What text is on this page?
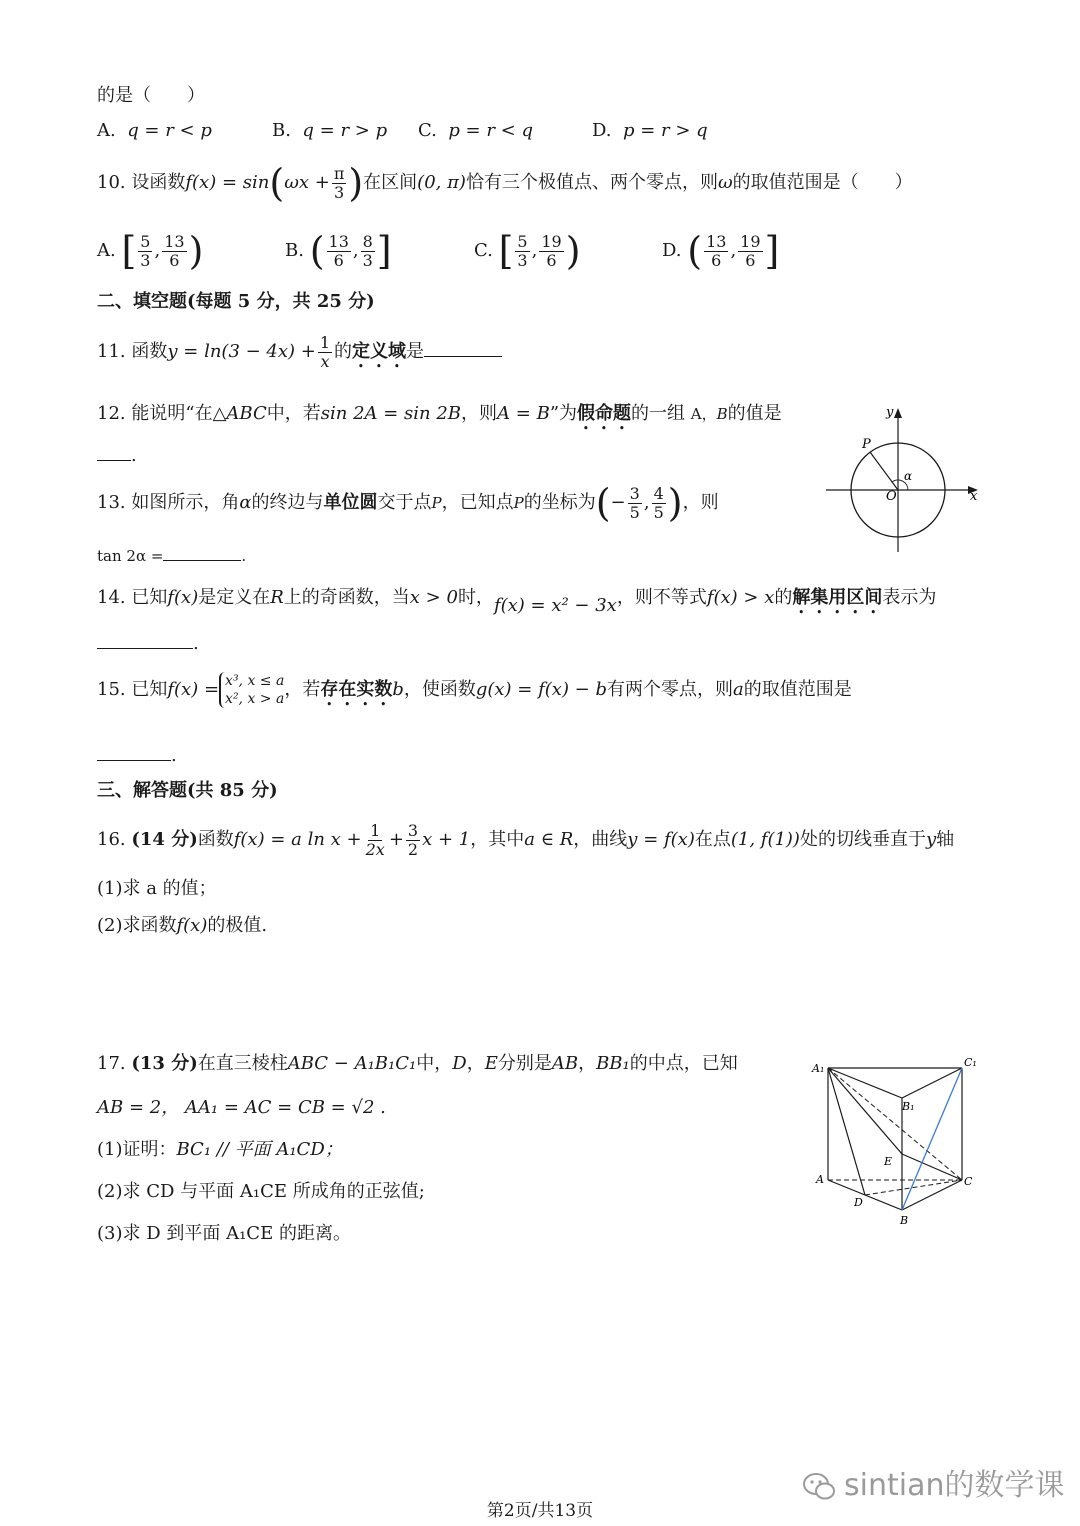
的是（　　）
A. q = r < p	B. q = r > p C. p = r < q	D. p = r > q
10. 设函数$f(x) = \sin(\omega x + \frac{\pi}{3}$ )在区间(0, π)恰有三个极值点、两个零点，则ω的取值范围是（　　）
A. [ $\frac{5}{3}$ , $\frac{13}{6}$ )	B. ( $\frac{13}{6}$ , $\frac{8}{3}$ ]	C. [ $\frac{5}{3}$ , $\frac{19}{6}$ )	D. ( $\frac{13}{6}$ , $\frac{19}{6}$ ]
二、填空题(每题 5 分，共 25 分)
11. 函数$y = \ln(3 - 4x) + \frac{1}{x}$ 的定义域是
12. 能说明“在△ABC中，若sin 2A = sin 2B，则A = B”为假命题的一组 A，B的值是
.
13. 如图所示，角α的终边与单位圆交于点P，已知点P的坐标为(− $\frac{3}{5}$ , $\frac{4}{5}$ )，则
tan 2α =	.
y
x
P
O
α
14. 已知f(x)是定义在R上的奇函数，当x > 0时，f(x) = x² − 3x，则不等式f(x) > x的解集用区间表示为
.
15. 已知f(x) = x³, x ≤ a
x², x > a，若存在实数b，使函数g(x) = f(x) − b有两个零点，则a的取值范围是
.
三、解答题(共 85 分)
16. (14 分)函数f(x) = a $\ln x + \frac{1}{2x} + \frac{3}{2}$ x + 1，其中a ∈ R，曲线y = f(x)在点(1, f(1))处的切线垂直于y轴
(1)求 a 的值；
(2)求函数f(x)的极值.
17. (13 分)在直三棱柱ABC − A₁B₁C₁中，D，E分别是AB，BB₁的中点，已知
AB = 2， AA₁ = AC = CB = √2 .
(1)证明：BC₁ // 平面 A₁CD；
(2)求 CD 与平面 A₁CE 所成角的正弦值;
(3)求 D 到平面 A₁CE 的距离。
A₁	C₁
B₁
E
A	C
D
B
sintian的数学课
第2页/共13页
